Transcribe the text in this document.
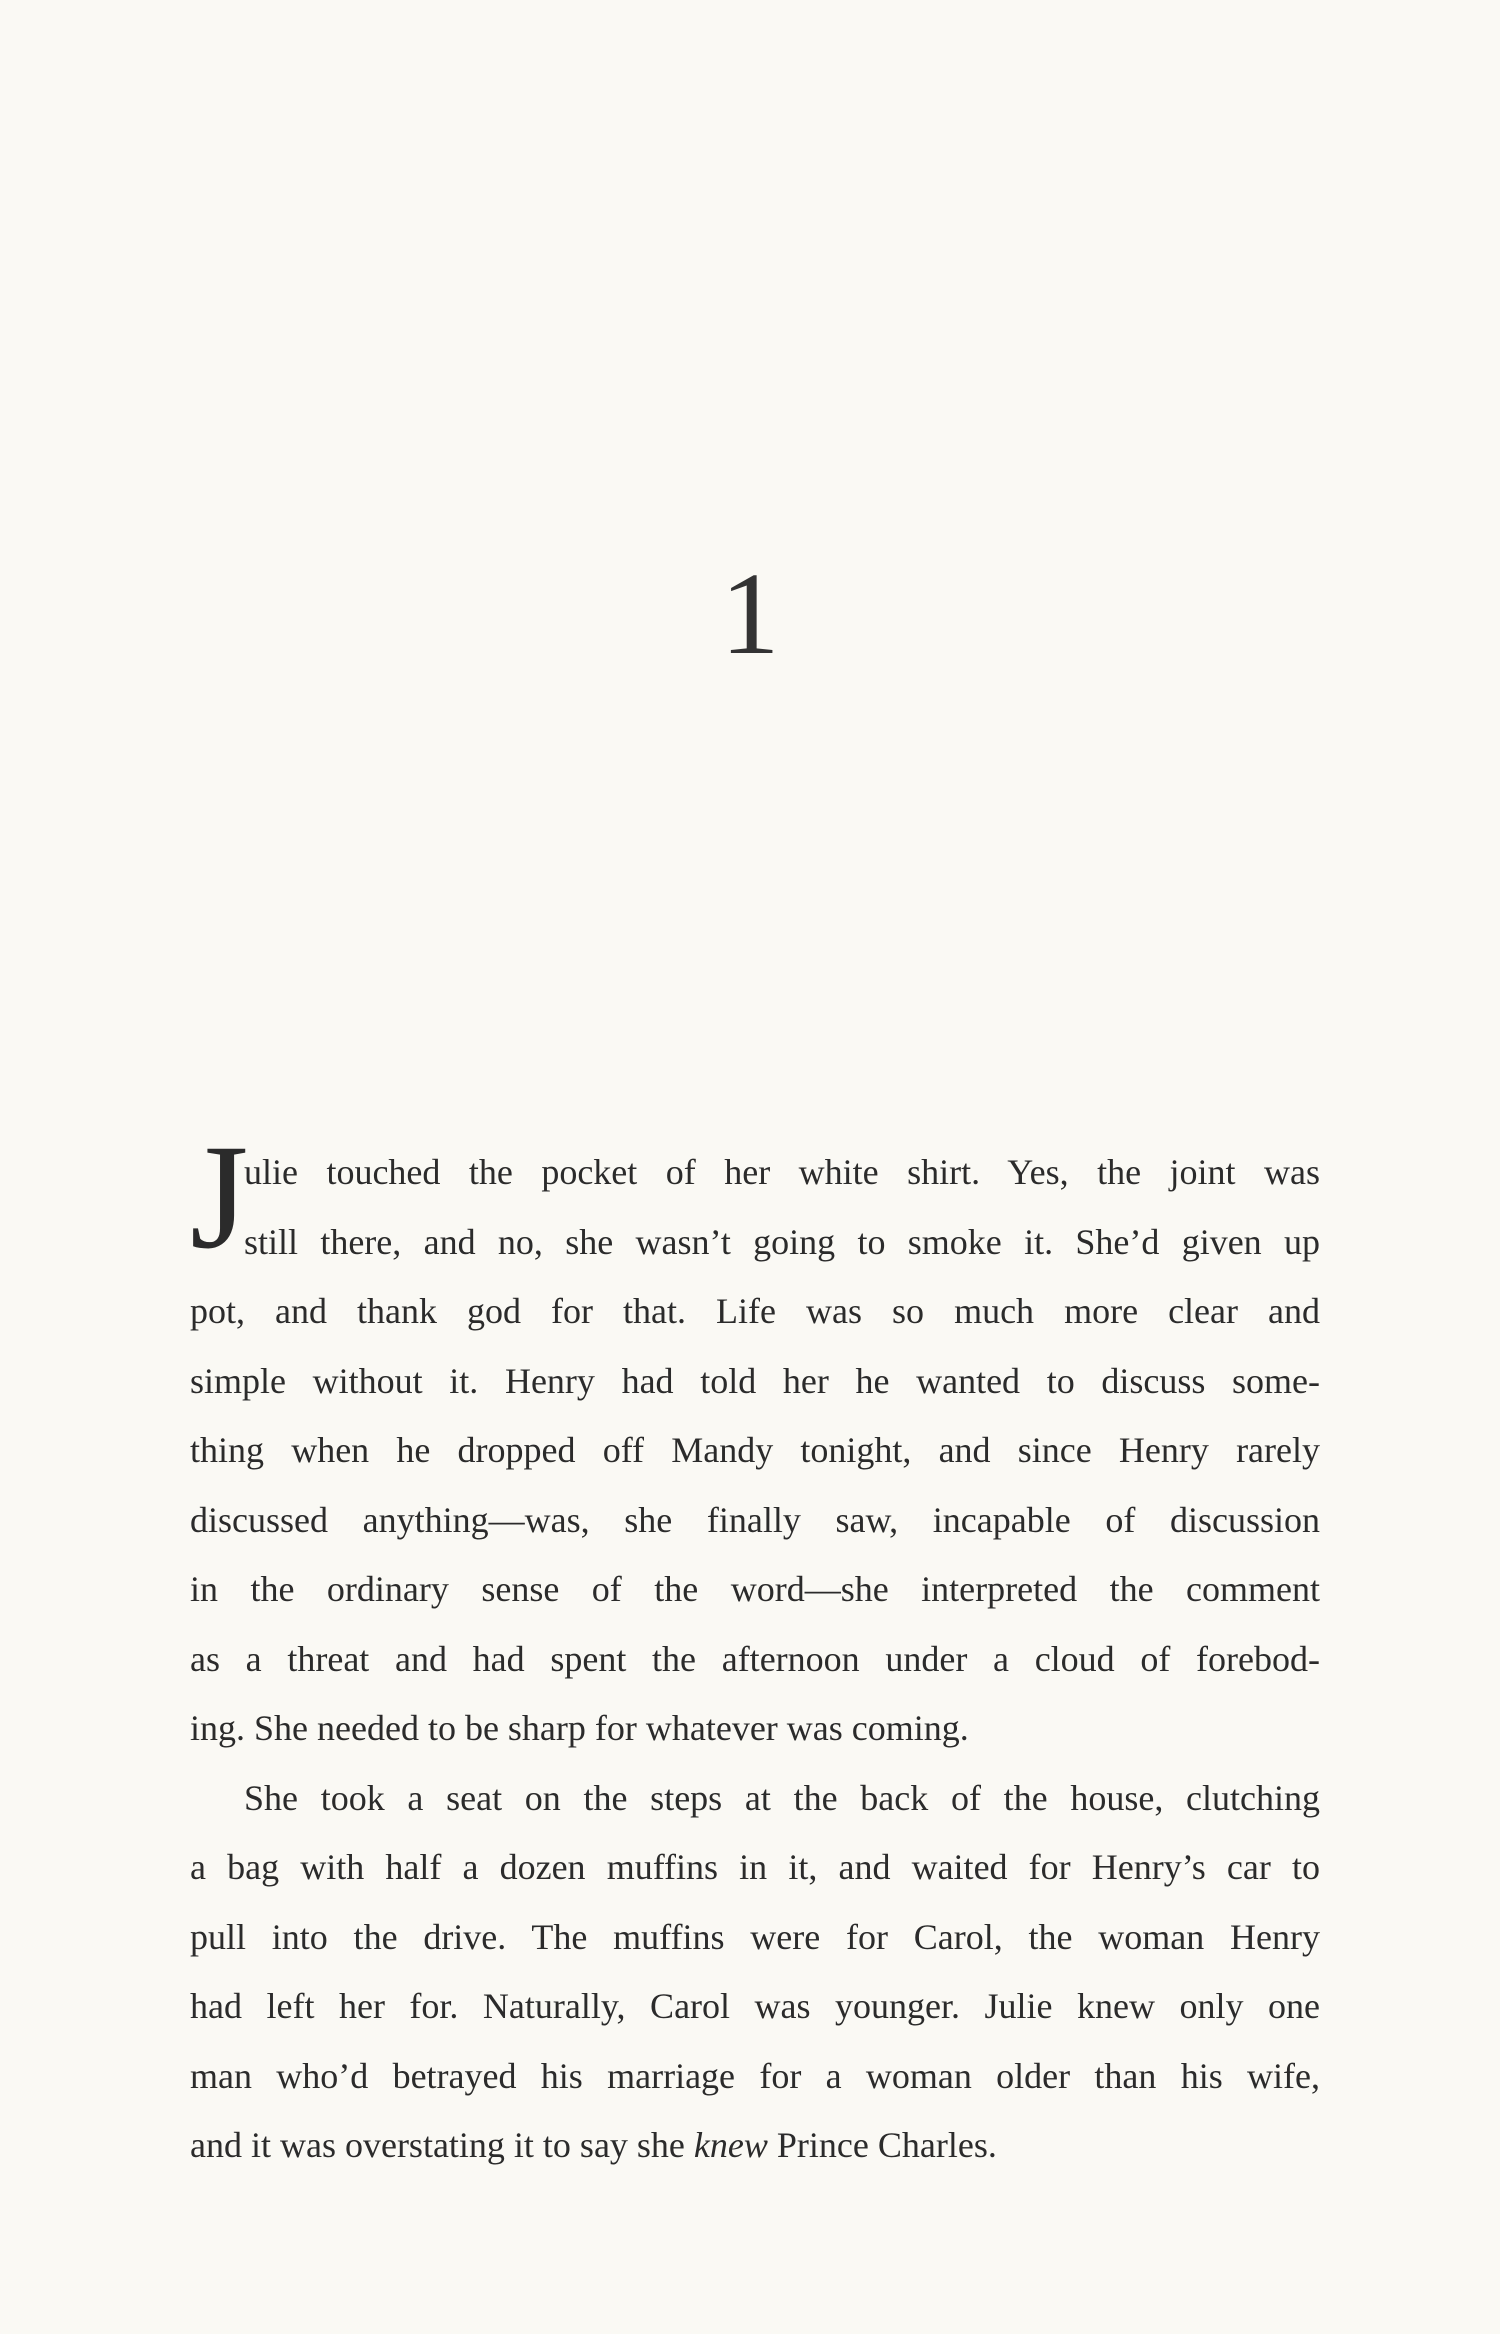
1
J

ulie touched the pocket of her white shirt. Yes, the joint was
still there, and no, she wasn’t going to smoke it. She’d given up
pot, and thank god for that. Life was so much more clear and
simple without it. Henry had told her he wanted to discuss some-
thing when he dropped off Mandy tonight, and since Henry rarely
discussed anything—was, she finally saw, incapable of discussion
in the ordinary sense of the word—she interpreted the comment
as a threat and had spent the afternoon under a cloud of forebod-
ing. She needed to be sharp for whatever was coming.

She took a seat on the steps at the back of the house, clutching
a bag with half a dozen muffins in it, and waited for Henry’s car to
pull into the drive. The muffins were for Carol, the woman Henry
had left her for. Naturally, Carol was younger. Julie knew only one
man who’d betrayed his marriage for a woman older than his wife,
and it was overstating it to say she knew Prince Charles.
